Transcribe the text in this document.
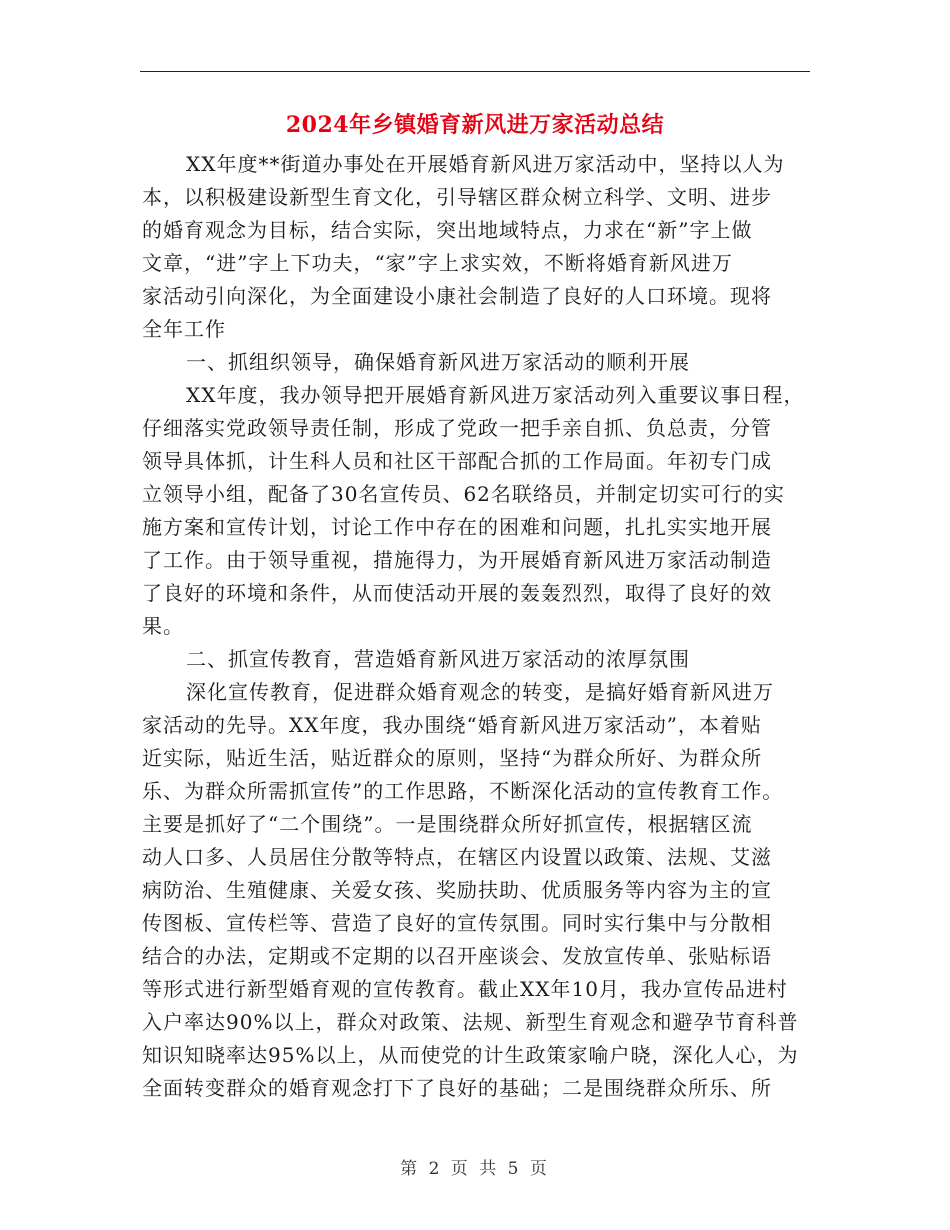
2024年乡镇婚育新风进万家活动总结
XX年度**街道办事处在开展婚育新风进万家活动中，坚持以人为
本，以积极建设新型生育文化，引导辖区群众树立科学、文明、进步
的婚育观念为目标，结合实际，突出地域特点，力求在“新”字上做
文章，“进”字上下功夫，“家”字上求实效，不断将婚育新风进万
家活动引向深化，为全面建设小康社会制造了良好的人口环境。现将
全年工作
一、抓组织领导，确保婚育新风进万家活动的顺利开展
XX年度，我办领导把开展婚育新风进万家活动列入重要议事日程，
仔细落实党政领导责任制，形成了党政一把手亲自抓、负总责，分管
领导具体抓，计生科人员和社区干部配合抓的工作局面。年初专门成
立领导小组，配备了30名宣传员、62名联络员，并制定切实可行的实
施方案和宣传计划，讨论工作中存在的困难和问题，扎扎实实地开展
了工作。由于领导重视，措施得力，为开展婚育新风进万家活动制造
了良好的环境和条件，从而使活动开展的轰轰烈烈，取得了良好的效
果。
二、抓宣传教育，营造婚育新风进万家活动的浓厚氛围
深化宣传教育，促进群众婚育观念的转变，是搞好婚育新风进万
家活动的先导。XX年度，我办围绕“婚育新风进万家活动”，本着贴
近实际，贴近生活，贴近群众的原则，坚持“为群众所好、为群众所
乐、为群众所需抓宣传”的工作思路，不断深化活动的宣传教育工作。
主要是抓好了“二个围绕”。一是围绕群众所好抓宣传，根据辖区流
动人口多、人员居住分散等特点，在辖区内设置以政策、法规、艾滋
病防治、生殖健康、关爱女孩、奖励扶助、优质服务等内容为主的宣
传图板、宣传栏等、营造了良好的宣传氛围。同时实行集中与分散相
结合的办法，定期或不定期的以召开座谈会、发放宣传单、张贴标语
等形式进行新型婚育观的宣传教育。截止XX年10月，我办宣传品进村
入户率达90%以上，群众对政策、法规、新型生育观念和避孕节育科普
知识知晓率达95%以上，从而使党的计生政策家喻户晓，深化人心，为
全面转变群众的婚育观念打下了良好的基础；二是围绕群众所乐、所
第 2 页 共 5 页
